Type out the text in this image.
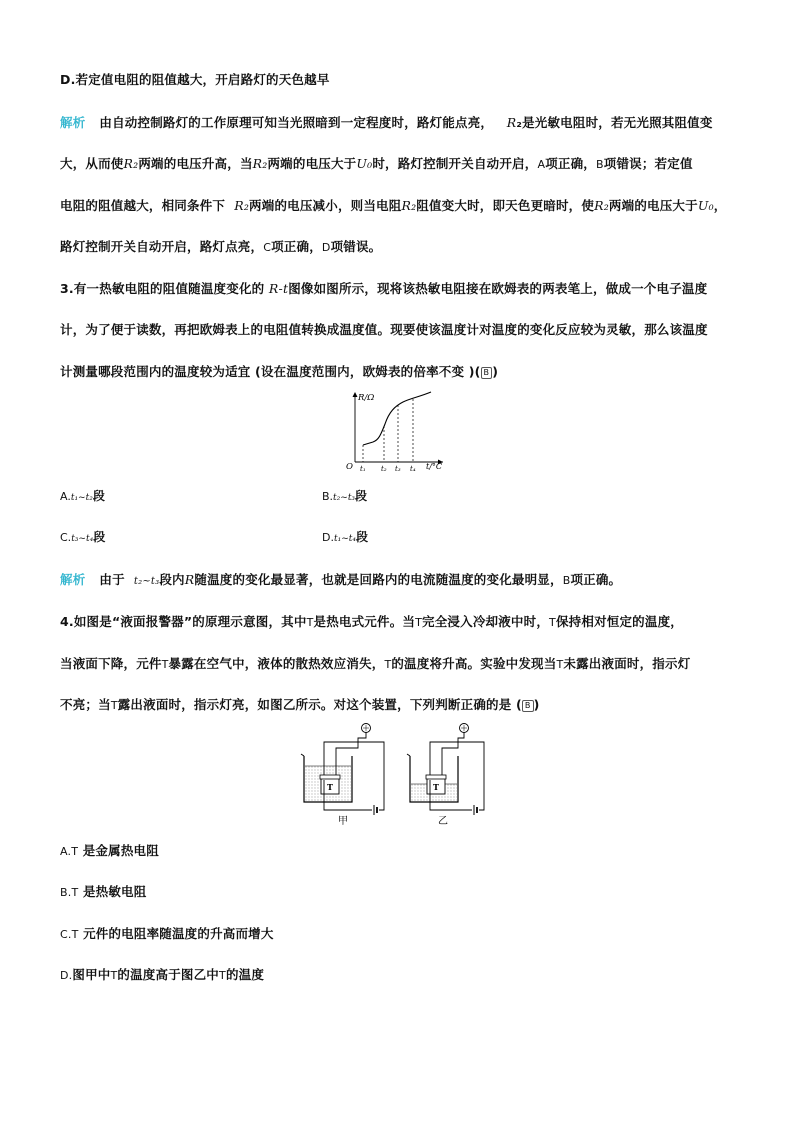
D.若定值电阻的阻值越大，开启路灯的天色越早
解析 由自动控制路灯的工作原理可知当光照暗到一定程度时，路灯能点亮， R₂是光敏电阻时，若无光照其阻值变
大，从而使R₂两端的电压升高，当R₂两端的电压大于U₀时，路灯控制开关自动开启，A项正确，B项错误；若定值
电阻的阻值越大，相同条件下 R₂两端的电压减小，则当电阻R₂阻值变大时，即天色更暗时，使R₂两端的电压大于U₀，
路灯控制开关自动开启，路灯点亮，C项正确，D项错误。
3.有一热敏电阻的阻值随温度变化的 R-t图像如图所示，现将该热敏电阻接在欧姆表的两表笔上，做成一个电子温度
计，为了便于读数，再把欧姆表上的电阻值转换成温度值。现要使该温度计对温度的变化反应较为灵敏，那么该温度
计测量哪段范围内的温度较为适宜 (设在温度范围内，欧姆表的倍率不变 )( B )
R/Ω
O t₁ t₂ t₃ t₄ t/°C
A.t₁~t₂段	B.t₂~t₃段
C.t₃~t₄段	D.t₁~t₄段
解析 由于 t₂~t₃段内R随温度的变化最显著，也就是回路内的电流随温度的变化最明显，B项正确。
4.如图是“液面报警器”的原理示意图，其中T是热电式元件。当T完全浸入冷却液中时，T保持相对恒定的温度，
当液面下降，元件T暴露在空气中，液体的散热效应消失，T的温度将升高。实验中发现当T未露出液面时，指示灯
不亮；当T露出液面时，指示灯亮，如图乙所示。对这个装置，下列判断正确的是 ( B )
T
甲
T
乙
A.T 是金属热电阻
B.T 是热敏电阻
C.T 元件的电阻率随温度的升高而增大
D.图甲中T的温度高于图乙中T的温度
